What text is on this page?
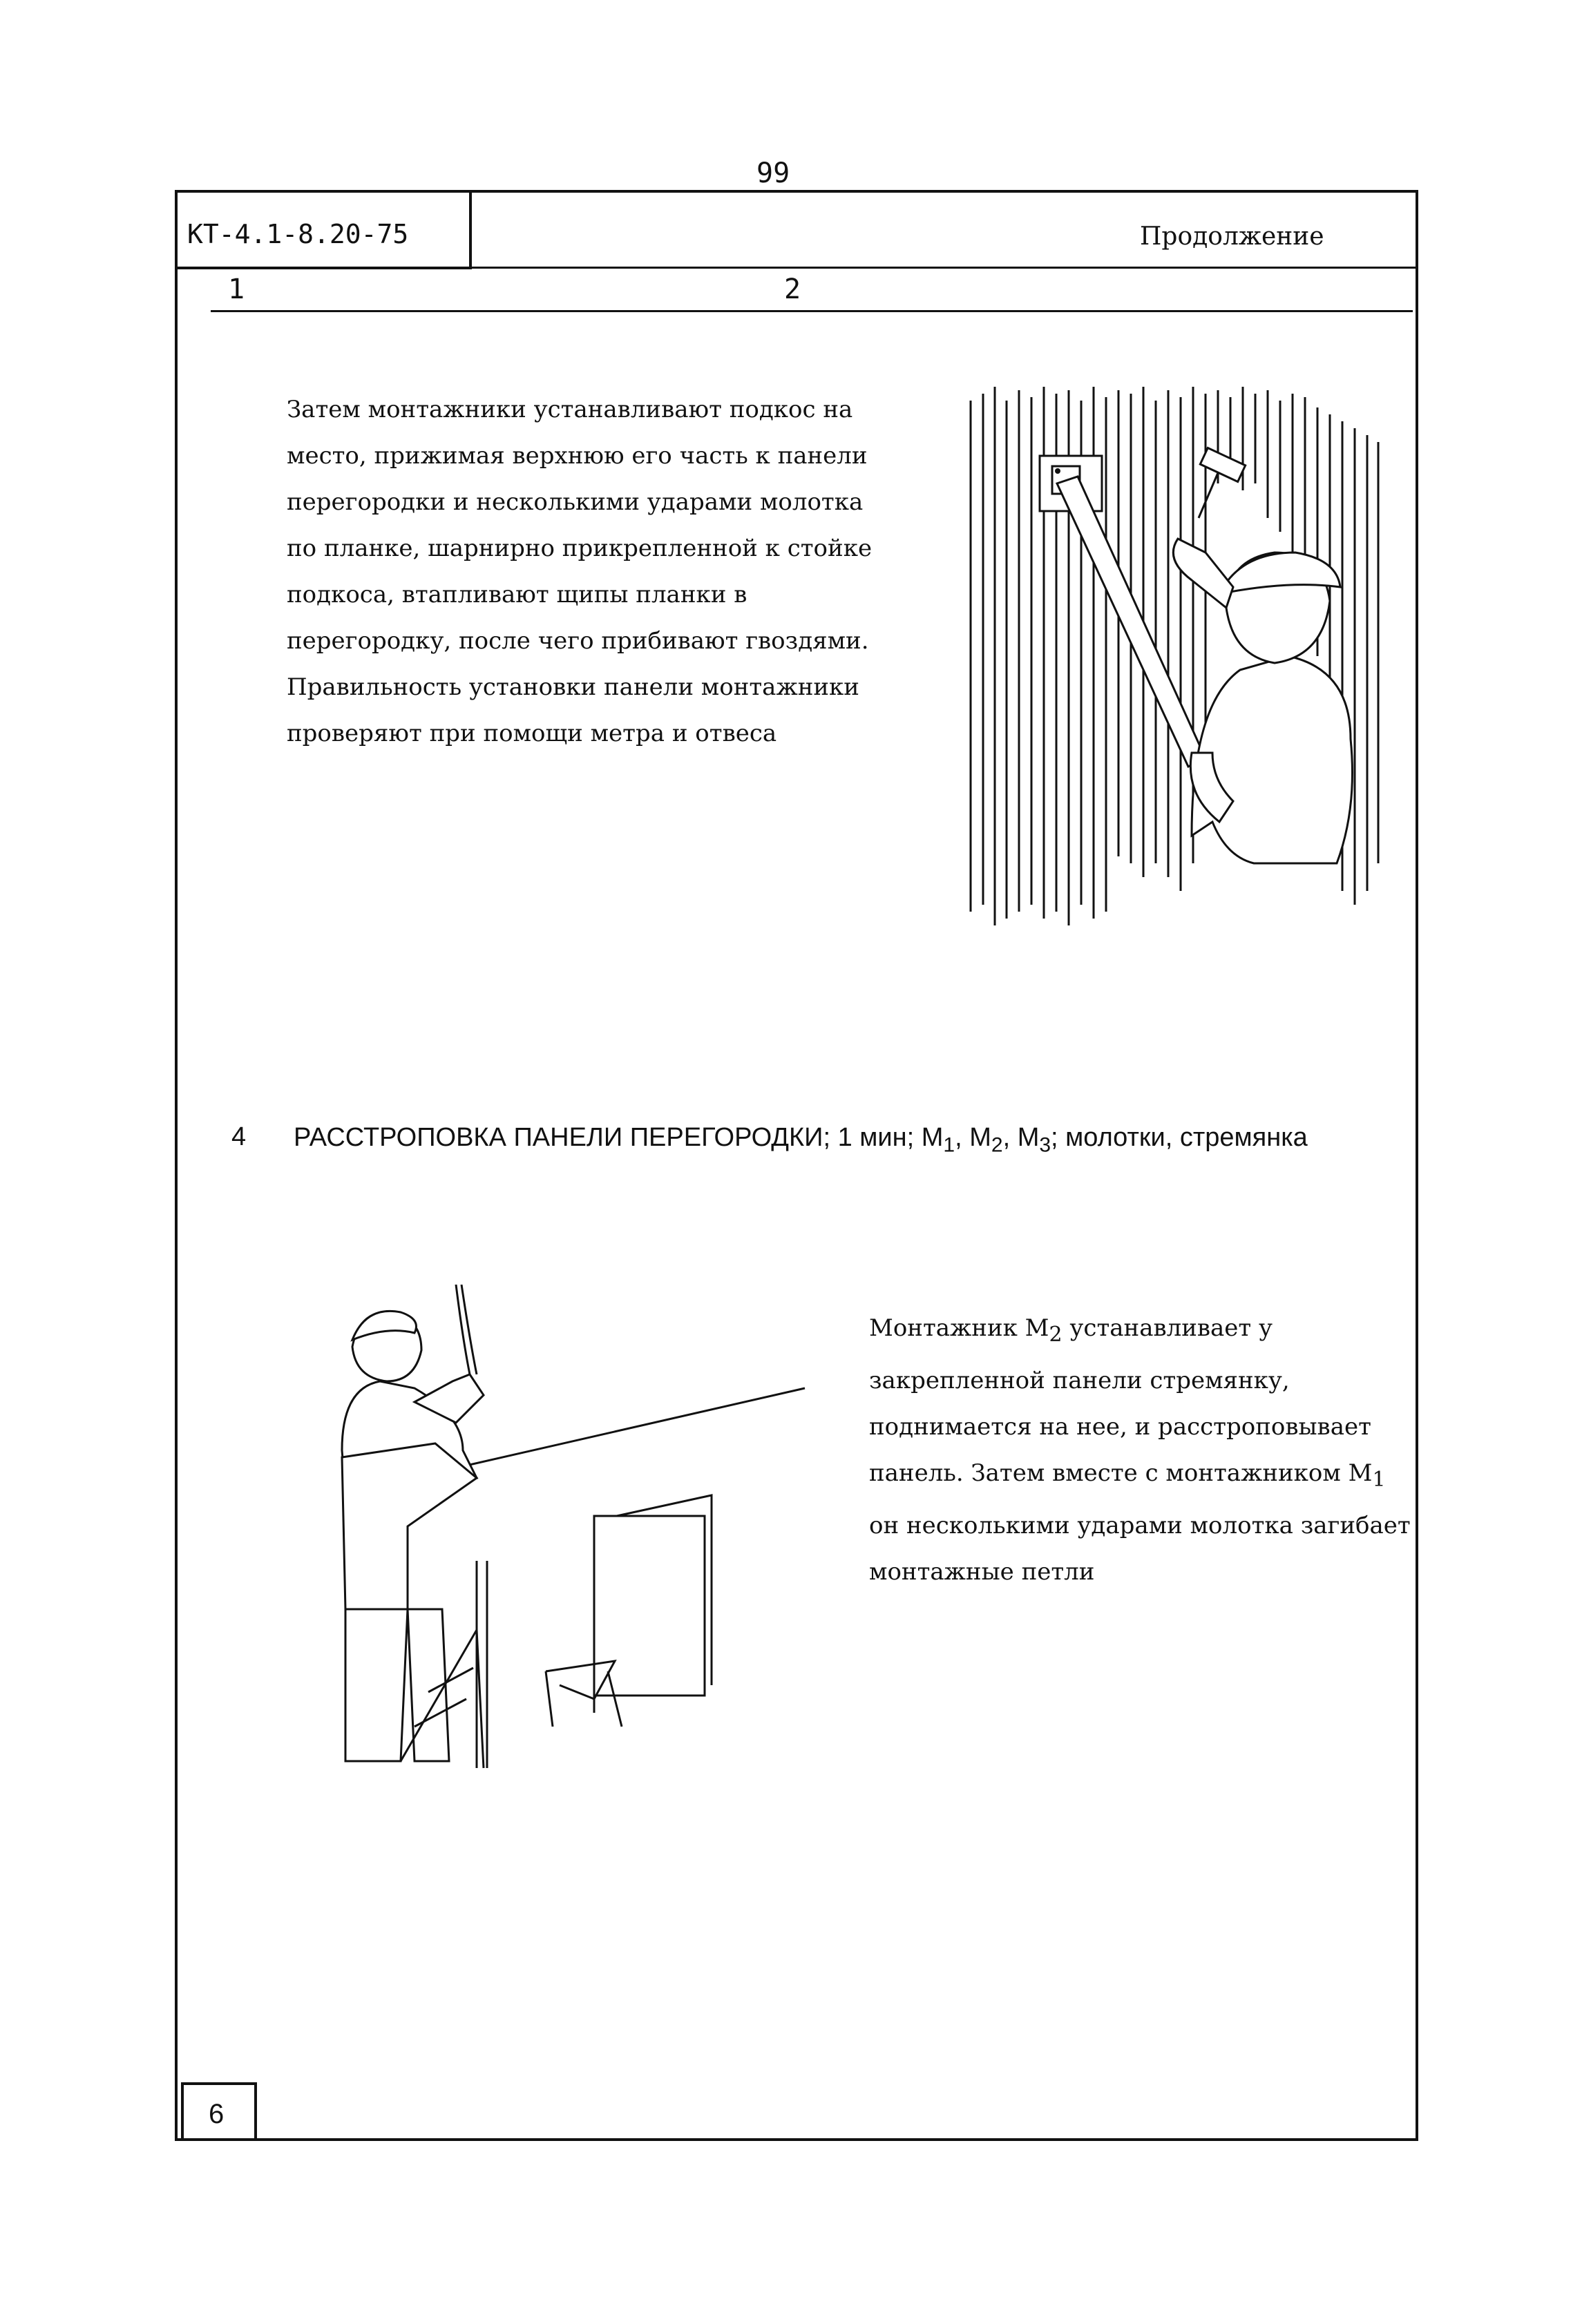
99
КТ-4.1-8.20-75	Продолжение
1	2
Затем монтажники устанавливают подкос на место, прижимая верхнюю его часть к панели перегородки и несколькими ударами молотка по планке, шарнирно прикрепленной к стойке подкоса, втапливают щипы планки в перегородку, после чего прибивают гвоздями. Правильность установки панели монтажники проверяют при помощи метра и отвеса
4 РАССТРОПОВКА ПАНЕЛИ ПЕРЕГОРОДКИ; 1 мин; $М_1$, $М_2$, $М_3$; молотки, стремянка
Монтажник $М_2$ устанавливает у закрепленной панели стремянку, поднимается на нее, и расстроповывает панель. Затем вместе с монтажником $М_1$ он несколькими ударами молотка загибает монтажные петли
6
